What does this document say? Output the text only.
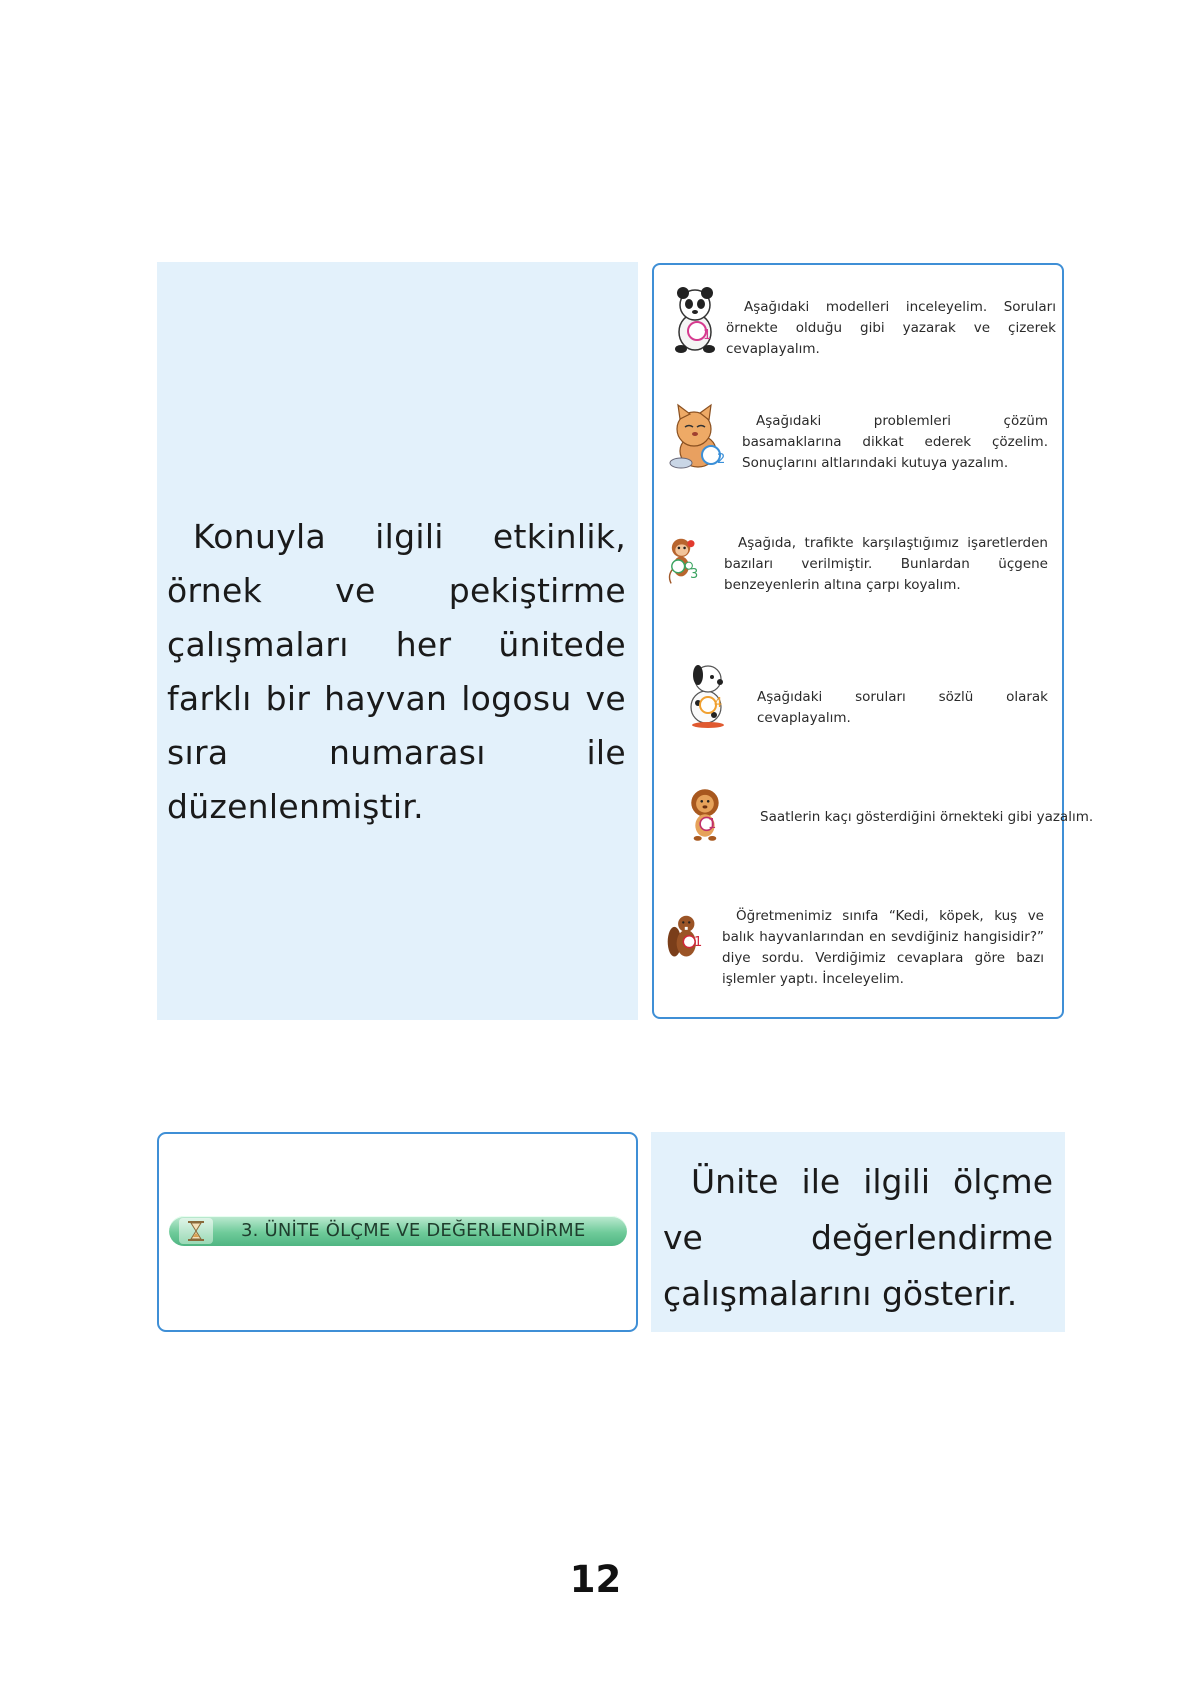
Konuyla ilgili etkinlik, örnek ve pekiştirme çalışmaları her ünitede farklı bir hayvan logosu ve sıra numarası ile düzenlenmiştir.
1
Aşağıdaki modelleri inceleyelim. Soruları örnekte olduğu gibi yazarak ve çizerek cevaplayalım.
2
Aşağıdaki problemleri çözüm basamaklarına dikkat ederek çözelim. Sonuçlarını altlarındaki kutuya yazalım.
3
Aşağıda, trafikte karşılaştığımız işaretlerden bazıları verilmiştir. Bunlardan üçgene benzeyenlerin altına çarpı koyalım.
4	Aşağıdaki soruları sözlü olarak cevaplayalım.
1	Saatlerin kaçı gösterdiğini örnekteki gibi yazalım.
1
Öğretmenimiz sınıfa “Kedi, köpek, kuş ve balık hayvanlarından en sevdiğiniz hangisidir?” diye sordu. Verdiğimiz cevaplara göre bazı işlemler yaptı. İnceleyelim.
3. ÜNİTE ÖLÇME VE DEĞERLENDİRME
Ünite ile ilgili ölçme ve değerlendirme çalışmalarını gösterir.
12
